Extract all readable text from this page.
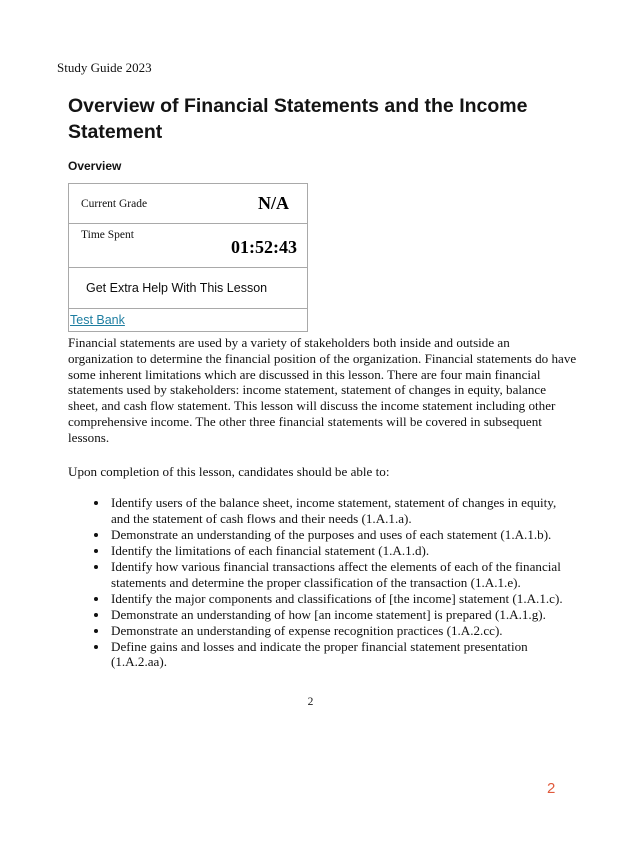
Study Guide 2023
Overview of Financial Statements and the Income Statement
Overview
Current Grade	N/A
Time Spent
01:52:43
Get Extra Help With This Lesson
Test Bank

Financial statements are used by a variety of stakeholders both inside and outside an organization to determine the financial position of the organization. Financial statements do have some inherent limitations which are discussed in this lesson. There are four main financial statements used by stakeholders: income statement, statement of changes in equity, balance sheet, and cash flow statement. This lesson will discuss the income statement including other comprehensive income. The other three financial statements will be covered in subsequent lessons.

Upon completion of this lesson, candidates should be able to:

• Identify users of the balance sheet, income statement, statement of changes in equity, and the statement of cash flows and their needs (1.A.1.a).
• Demonstrate an understanding of the purposes and uses of each statement (1.A.1.b).
• Identify the limitations of each financial statement (1.A.1.d).
• Identify how various financial transactions affect the elements of each of the financial statements and determine the proper classification of the transaction (1.A.1.e).
• Identify the major components and classifications of [the income] statement (1.A.1.c).
• Demonstrate an understanding of how [an income statement] is prepared (1.A.1.g).
• Demonstrate an understanding of expense recognition practices (1.A.2.cc).
• Define gains and losses and indicate the proper financial statement presentation (1.A.2.aa).
2
2
